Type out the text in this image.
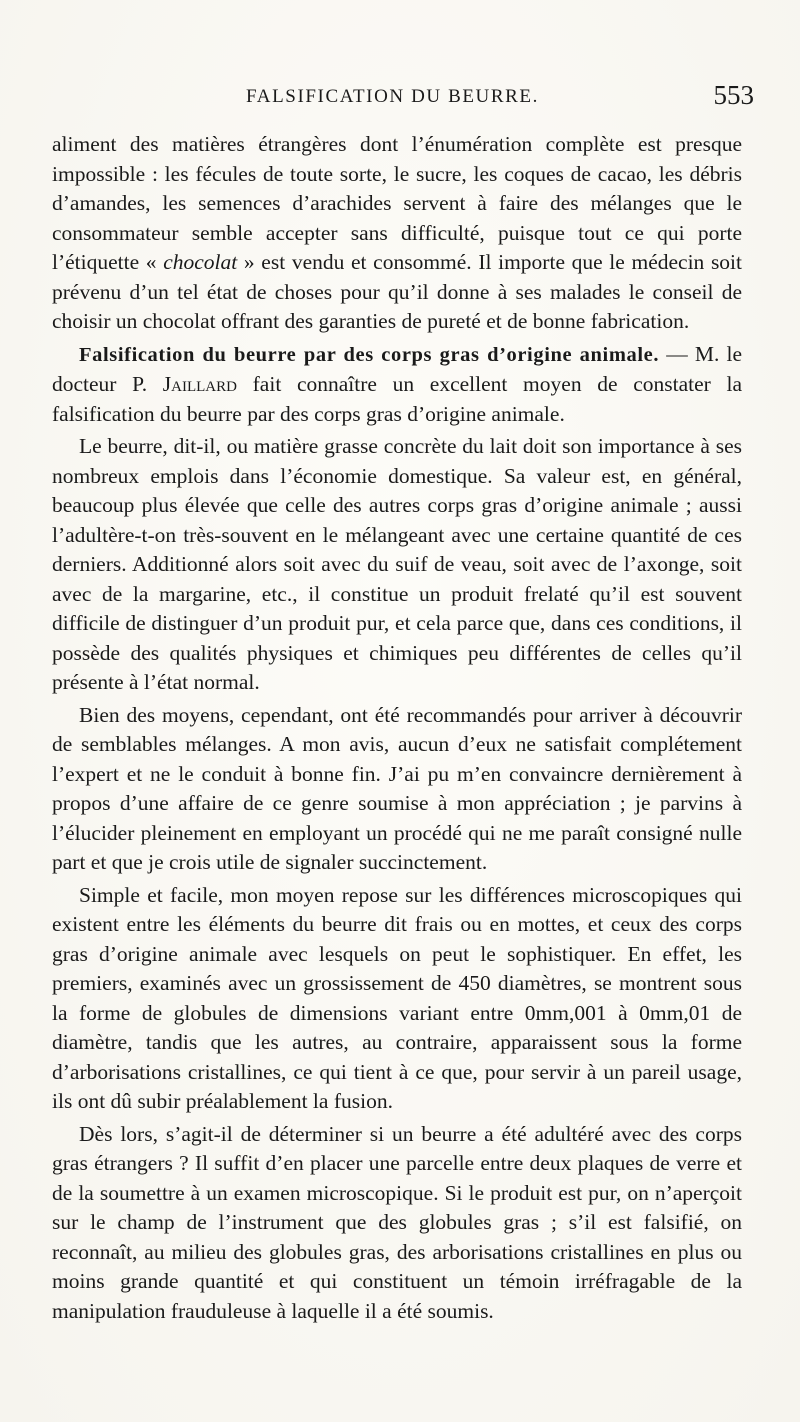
FALSIFICATION DU BEURRE.	553

aliment des matières étrangères dont l’énumération complète est presque impossible : les fécules de toute sorte, le sucre, les coques de cacao, les débris d’amandes, les semences d’arachides servent à faire des mélanges que le consommateur semble accepter sans difficulté, puisque tout ce qui porte l’étiquette « chocolat » est vendu et consommé. Il importe que le médecin soit prévenu d’un tel état de choses pour qu’il donne à ses malades le conseil de choisir un chocolat offrant des garanties de pureté et de bonne fabrication.

Falsification du beurre par des corps gras d’origine animale. — M. le docteur P. Jaillard fait connaître un excellent moyen de constater la falsification du beurre par des corps gras d’origine animale.

Le beurre, dit-il, ou matière grasse concrète du lait doit son importance à ses nombreux emplois dans l’économie domestique. Sa valeur est, en général, beaucoup plus élevée que celle des autres corps gras d’origine animale ; aussi l’adultère-t-on très-souvent en le mélangeant avec une certaine quantité de ces derniers. Additionné alors soit avec du suif de veau, soit avec de l’axonge, soit avec de la margarine, etc., il constitue un produit frelaté qu’il est souvent difficile de distinguer d’un produit pur, et cela parce que, dans ces conditions, il possède des qualités physiques et chimiques peu différentes de celles qu’il présente à l’état normal.

Bien des moyens, cependant, ont été recommandés pour arriver à découvrir de semblables mélanges. A mon avis, aucun d’eux ne satisfait complétement l’expert et ne le conduit à bonne fin. J’ai pu m’en convaincre dernièrement à propos d’une affaire de ce genre soumise à mon appréciation ; je parvins à l’élucider pleinement en employant un procédé qui ne me paraît consigné nulle part et que je crois utile de signaler succinctement.

Simple et facile, mon moyen repose sur les différences microscopiques qui existent entre les éléments du beurre dit frais ou en mottes, et ceux des corps gras d’origine animale avec lesquels on peut le sophistiquer. En effet, les premiers, examinés avec un grossissement de 450 diamètres, se montrent sous la forme de globules de dimensions variant entre 0mm,001 à 0mm,01 de diamètre, tandis que les autres, au contraire, apparaissent sous la forme d’arborisations cristallines, ce qui tient à ce que, pour servir à un pareil usage, ils ont dû subir préalablement la fusion.

Dès lors, s’agit-il de déterminer si un beurre a été adultéré avec des corps gras étrangers ? Il suffit d’en placer une parcelle entre deux plaques de verre et de la soumettre à un examen microscopique. Si le produit est pur, on n’aperçoit sur le champ de l’instrument que des globules gras ; s’il est falsifié, on reconnaît, au milieu des globules gras, des arborisations cristallines en plus ou moins grande quantité et qui constituent un témoin irréfragable de la manipulation frauduleuse à laquelle il a été soumis.
